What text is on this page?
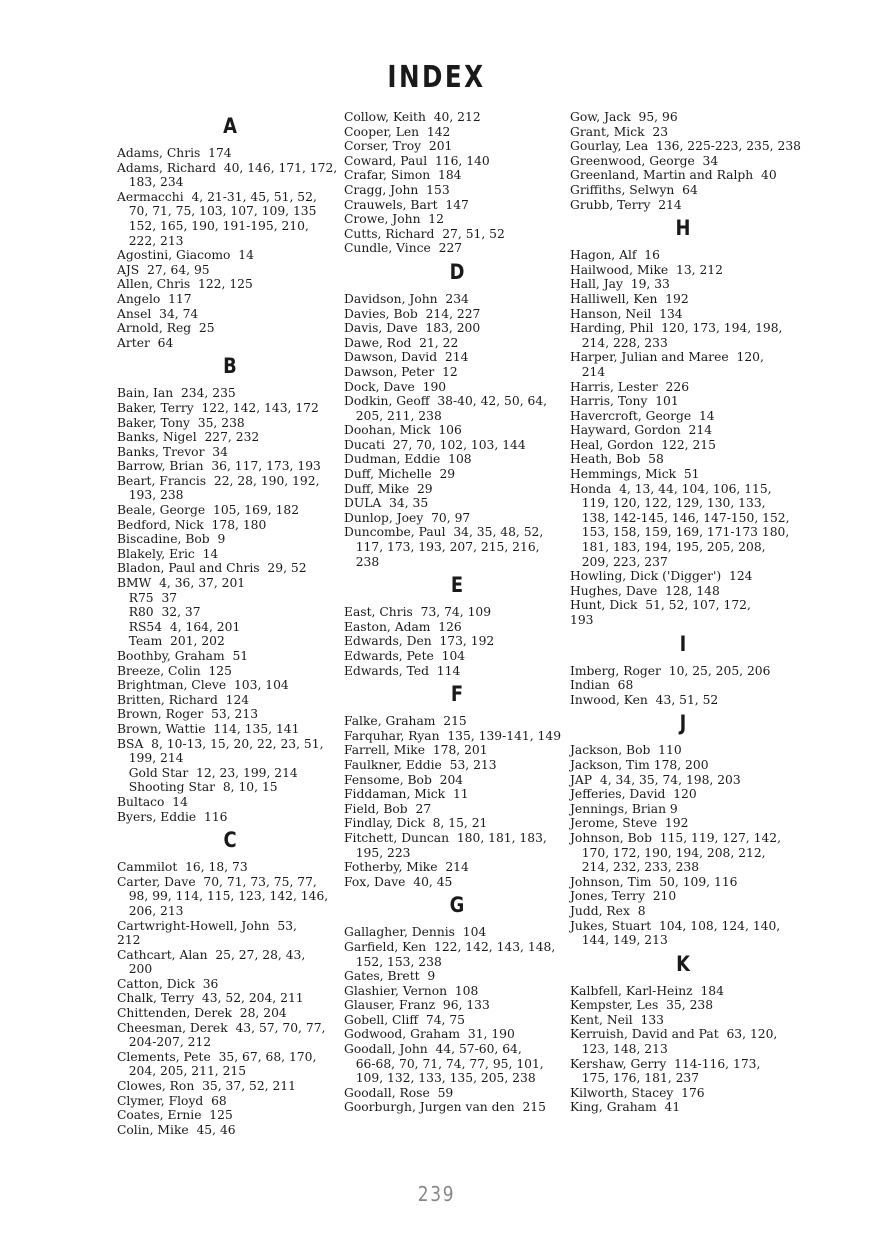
INDEX
A
Adams, Chris  174
Adams, Richard  40, 146, 171, 172,
183, 234
Aermacchi  4, 21-31, 45, 51, 52,
70, 71, 75, 103, 107, 109, 135
152, 165, 190, 191-195, 210,
222, 213
Agostini, Giacomo  14
AJS  27, 64, 95
Allen, Chris  122, 125
Angelo  117
Ansel  34, 74
Arnold, Reg  25
Arter  64
B
Bain, Ian  234, 235
Baker, Terry  122, 142, 143, 172
Baker, Tony  35, 238
Banks, Nigel  227, 232
Banks, Trevor  34
Barrow, Brian  36, 117, 173, 193
Beart, Francis  22, 28, 190, 192,
193, 238
Beale, George  105, 169, 182
Bedford, Nick  178, 180
Biscadine, Bob  9
Blakely, Eric  14
Bladon, Paul and Chris  29, 52
BMW  4, 36, 37, 201
R75  37
R80  32, 37
RS54  4, 164, 201
Team  201, 202
Boothby, Graham  51
Breeze, Colin  125
Brightman, Cleve  103, 104
Britten, Richard  124
Brown, Roger  53, 213
Brown, Wattie  114, 135, 141
BSA  8, 10-13, 15, 20, 22, 23, 51,
199, 214
Gold Star  12, 23, 199, 214
Shooting Star  8, 10, 15
Bultaco  14
Byers, Eddie  116
C
Cammilot  16, 18, 73
Carter, Dave  70, 71, 73, 75, 77,
98, 99, 114, 115, 123, 142, 146,
206, 213
Cartwright-Howell, John  53,
212
Cathcart, Alan  25, 27, 28, 43,
200
Catton, Dick  36
Chalk, Terry  43, 52, 204, 211
Chittenden, Derek  28, 204
Cheesman, Derek  43, 57, 70, 77,
204-207, 212
Clements, Pete  35, 67, 68, 170,
204, 205, 211, 215
Clowes, Ron  35, 37, 52, 211
Clymer, Floyd  68
Coates, Ernie  125
Colin, Mike  45, 46
Collow, Keith  40, 212
Cooper, Len  142
Corser, Troy  201
Coward, Paul  116, 140
Crafar, Simon  184
Cragg, John  153
Crauwels, Bart  147
Crowe, John  12
Cutts, Richard  27, 51, 52
Cundle, Vince  227
D
Davidson, John  234
Davies, Bob  214, 227
Davis, Dave  183, 200
Dawe, Rod  21, 22
Dawson, David  214
Dawson, Peter  12
Dock, Dave  190
Dodkin, Geoff  38-40, 42, 50, 64,
205, 211, 238
Doohan, Mick  106
Ducati  27, 70, 102, 103, 144
Dudman, Eddie  108
Duff, Michelle  29
Duff, Mike  29
DULA  34, 35
Dunlop, Joey  70, 97
Duncombe, Paul  34, 35, 48, 52,
117, 173, 193, 207, 215, 216,
238
E
East, Chris  73, 74, 109
Easton, Adam  126
Edwards, Den  173, 192
Edwards, Pete  104
Edwards, Ted  114
F
Falke, Graham  215
Farquhar, Ryan  135, 139-141, 149
Farrell, Mike  178, 201
Faulkner, Eddie  53, 213
Fensome, Bob  204
Fiddaman, Mick  11
Field, Bob  27
Findlay, Dick  8, 15, 21
Fitchett, Duncan  180, 181, 183,
195, 223
Fotherby, Mike  214
Fox, Dave  40, 45
G
Gallagher, Dennis  104
Garfield, Ken  122, 142, 143, 148,
152, 153, 238
Gates, Brett  9
Glashier, Vernon  108
Glauser, Franz  96, 133
Gobell, Cliff  74, 75
Godwood, Graham  31, 190
Goodall, John  44, 57-60, 64,
66-68, 70, 71, 74, 77, 95, 101,
109, 132, 133, 135, 205, 238
Goodall, Rose  59
Goorburgh, Jurgen van den  215
Gow, Jack  95, 96
Grant, Mick  23
Gourlay, Lea  136, 225-223, 235, 238
Greenwood, George  34
Greenland, Martin and Ralph  40
Griffiths, Selwyn  64
Grubb, Terry  214
H
Hagon, Alf  16
Hailwood, Mike  13, 212
Hall, Jay  19, 33
Halliwell, Ken  192
Hanson, Neil  134
Harding, Phil  120, 173, 194, 198,
214, 228, 233
Harper, Julian and Maree  120,
214
Harris, Lester  226
Harris, Tony  101
Havercroft, George  14
Hayward, Gordon  214
Heal, Gordon  122, 215
Heath, Bob  58
Hemmings, Mick  51
Honda  4, 13, 44, 104, 106, 115,
119, 120, 122, 129, 130, 133,
138, 142-145, 146, 147-150, 152,
153, 158, 159, 169, 171-173 180,
181, 183, 194, 195, 205, 208,
209, 223, 237
Howling, Dick ('Digger')  124
Hughes, Dave  128, 148
Hunt, Dick  51, 52, 107, 172,
193
I
Imberg, Roger  10, 25, 205, 206
Indian  68
Inwood, Ken  43, 51, 52
J
Jackson, Bob  110
Jackson, Tim 178, 200
JAP  4, 34, 35, 74, 198, 203
Jefferies, David  120
Jennings, Brian 9
Jerome, Steve  192
Johnson, Bob  115, 119, 127, 142,
170, 172, 190, 194, 208, 212,
214, 232, 233, 238
Johnson, Tim  50, 109, 116
Jones, Terry  210
Judd, Rex  8
Jukes, Stuart  104, 108, 124, 140,
144, 149, 213
K
Kalbfell, Karl-Heinz  184
Kempster, Les  35, 238
Kent, Neil  133
Kerruish, David and Pat  63, 120,
123, 148, 213
Kershaw, Gerry  114-116, 173,
175, 176, 181, 237
Kilworth, Stacey  176
King, Graham  41
239
